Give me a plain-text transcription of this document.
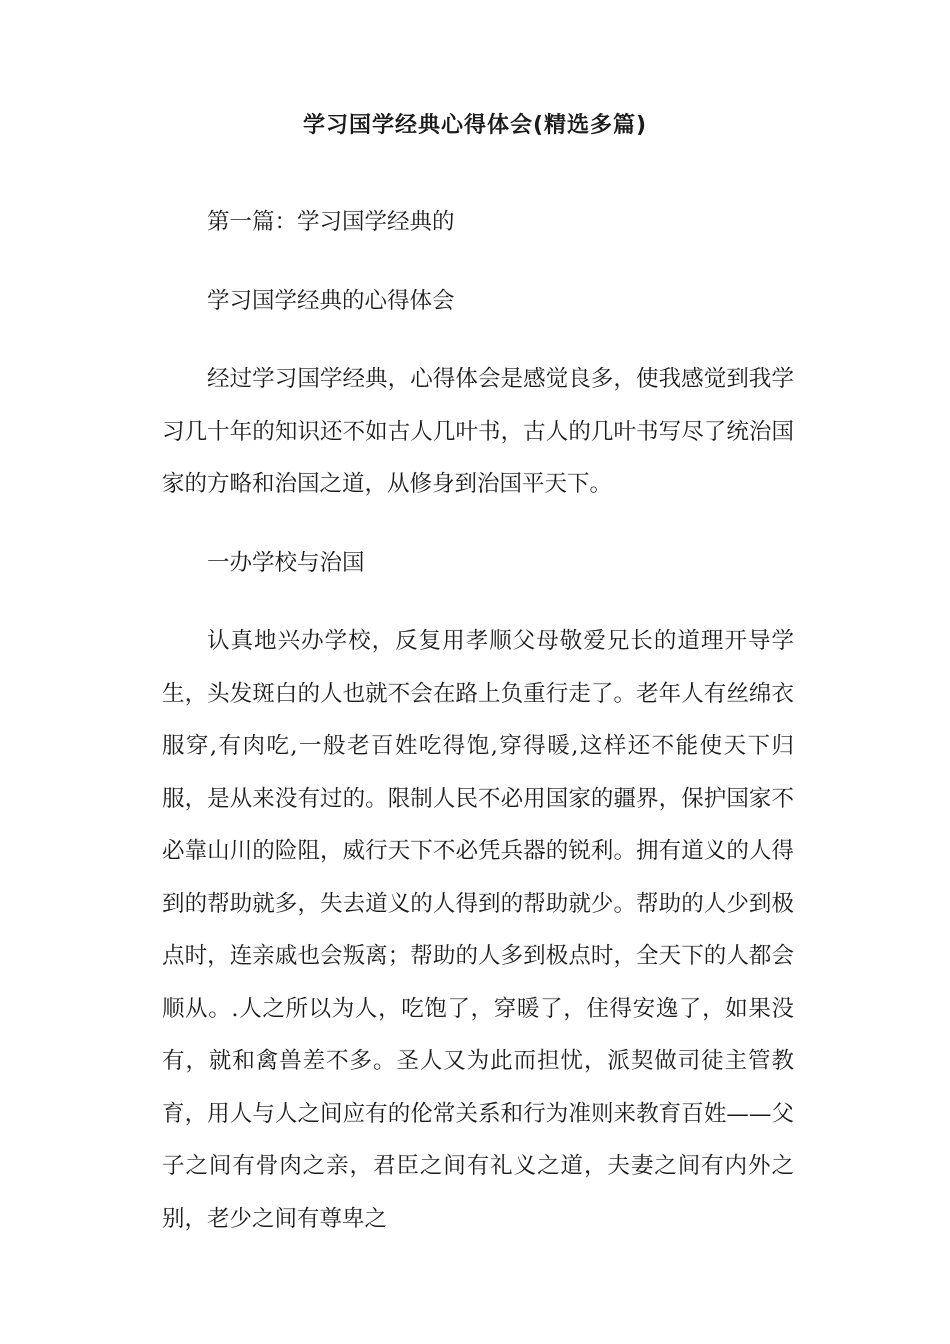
学习国学经典心得体会(精选多篇)

第一篇：学习国学经典的

学习国学经典的心得体会

经过学习国学经典，心得体会是感觉良多，使我感觉到我学习几十年的知识还不如古人几叶书，古人的几叶书写尽了统治国家的方略和治国之道，从修身到治国平天下。

一办学校与治国

认真地兴办学校，反复用孝顺父母敬爱兄长的道理开导学生，头发斑白的人也就不会在路上负重行走了。老年人有丝绵衣服穿,有肉吃,一般老百姓吃得饱,穿得暖,这样还不能使天下归服，是从来没有过的。限制人民不必用国家的疆界，保护国家不必靠山川的险阻，威行天下不必凭兵器的锐利。拥有道义的人得到的帮助就多，失去道义的人得到的帮助就少。帮助的人少到极点时，连亲戚也会叛离；帮助的人多到极点时，全天下的人都会顺从。.人之所以为人，吃饱了，穿暖了，住得安逸了，如果没有，就和禽兽差不多。圣人又为此而担忧，派契做司徒主管教育，用人与人之间应有的伦常关系和行为准则来教育百姓——父子之间有骨肉之亲，君臣之间有礼义之道，夫妻之间有内外之别，老少之间有尊卑之
